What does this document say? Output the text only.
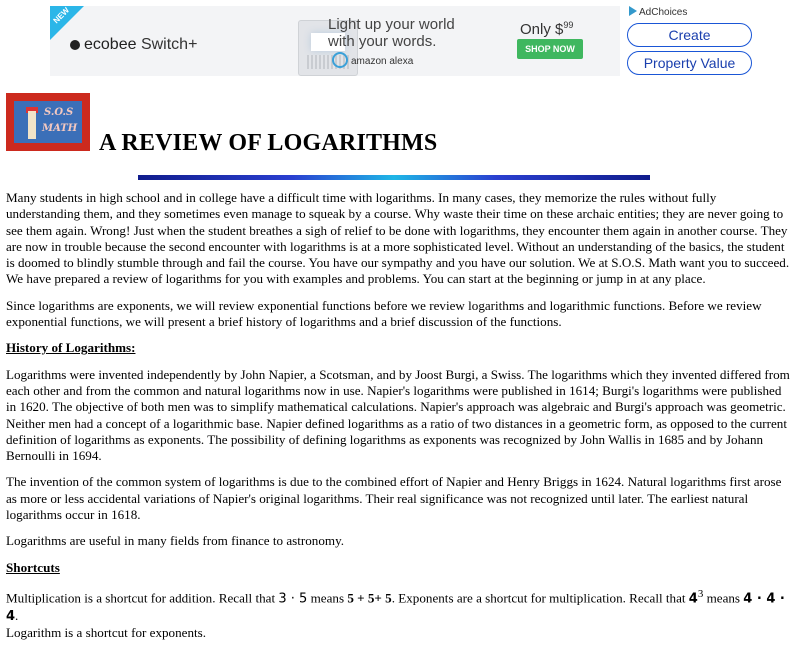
NEW
ecobee Switch+
Light up your world
with your words.
amazon alexa
Only \$$^{99}$
SHOP NOW
AdChoices
Create
Property Value
S.O.S
MATH
A REVIEW OF LOGARITHMS

Many students in high school and in college have a difficult time with logarithms. In many cases, they memorize the rules without fully understanding them, and they sometimes even manage to squeak by a course. Why waste their time on these archaic entities; they are never going to see them again. Wrong! Just when the student breathes a sigh of relief to be done with logarithms, they encounter them again in another course. They are now in trouble because the second encounter with logarithms is at a more sophisticated level. Without an understanding of the basics, the student is doomed to blindly stumble through and fail the course. You have our sympathy and you have our solution. We at S.O.S. Math want you to succeed. We have prepared a review of logarithms for you with examples and problems. You can start at the beginning or jump in at any place.

Since logarithms are exponents, we will review exponential functions before we review logarithms and logarithmic functions. Before we review exponential functions, we will present a brief history of logarithms and a brief discussion of the functions.

History of Logarithms:

Logarithms were invented independently by John Napier, a Scotsman, and by Joost Burgi, a Swiss. The logarithms which they invented differed from each other and from the common and natural logarithms now in use. Napier's logarithms were published in 1614; Burgi's logarithms were published in 1620. The objective of both men was to simplify mathematical calculations. Napier's approach was algebraic and Burgi's approach was geometric. Neither men had a concept of a logarithmic base. Napier defined logarithms as a ratio of two distances in a geometric form, as opposed to the current definition of logarithms as exponents. The possibility of defining logarithms as exponents was recognized by John Wallis in 1685 and by Johann Bernoulli in 1694.

The invention of the common system of logarithms is due to the combined effort of Napier and Henry Briggs in 1624. Natural logarithms first arose as more or less accidental variations of Napier's original logarithms. Their real significance was not recognized until later. The earliest natural logarithms occur in 1618.

Logarithms are useful in many fields from finance to astronomy.

Shortcuts

Multiplication is a shortcut for addition. Recall that 3 · 5 means 5 + 5+ 5. Exponents are a shortcut for multiplication. Recall that $4^3$ means 4 · 4 · 4.
Logarithm is a shortcut for exponents.
